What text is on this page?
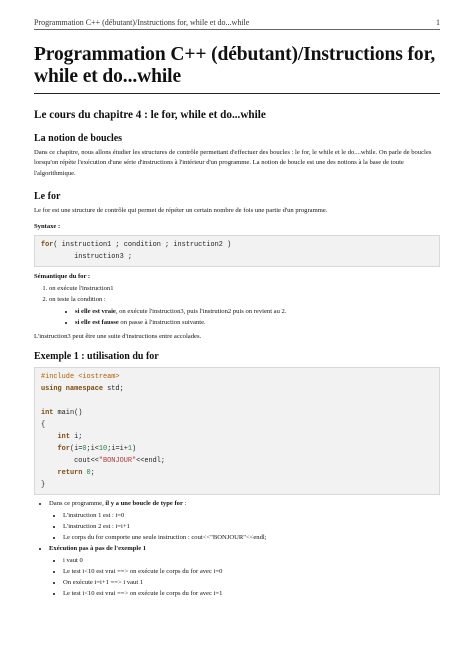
Programmation C++ (débutant)/Instructions for, while et do...while	1
Programmation C++ (débutant)/Instructions for, while et do...while
Le cours du chapitre 4 : le for, while et do...while
La notion de boucles

Dans ce chapitre, nous allons étudier les structures de contrôle permettant d'effectuer des boucles : le for, le while et le do....while. On parle de boucles lorsqu'on répète l'exécution d'une série d'instructions à l'intérieur d'un programme. La notion de boucle est une des notions à la base de toute l'algorithmique.

Le for

Le for est une structure de contrôle qui permet de répéter un certain nombre de fois une partie d'un programme.

Syntaxe :
for( instruction1 ; condition ; instruction2 )
instruction3 ;
Sémantique du for :
1. on exécute l'instruction1
2. on teste la condition :
• si elle est vraie, on exécute l'instruction3, puis l'instrution2 puis on revient au 2.
• si elle est fausse on passe à l'instruction suivante.

L'instruction3 peut être une suite d'instructions entre accolades.

Exemple 1 : utilisation du for
#include <iostream>
using namespace std;

int main()
{
int i;
for(i=0;i<10;i=i+1)
cout<<"BONJOUR"<<endl;
return 0;
}
• Dans ce programme, il y a une boucle de type for :
• L'instruction 1 est : i=0
• L'instruction 2 est : i=i+1
• Le corps du for comporte une seule instruction : cout<<"BONJOUR"<<endl;
• Exécution pas à pas de l'exemple 1
• i vaut 0
• Le test i<10 est vrai ==> on exécute le corps du for avec i=0
• On exécute i=i+1 ==> i vaut 1
• Le test i<10 est vrai ==> on exécute le corps du for avec i=1
